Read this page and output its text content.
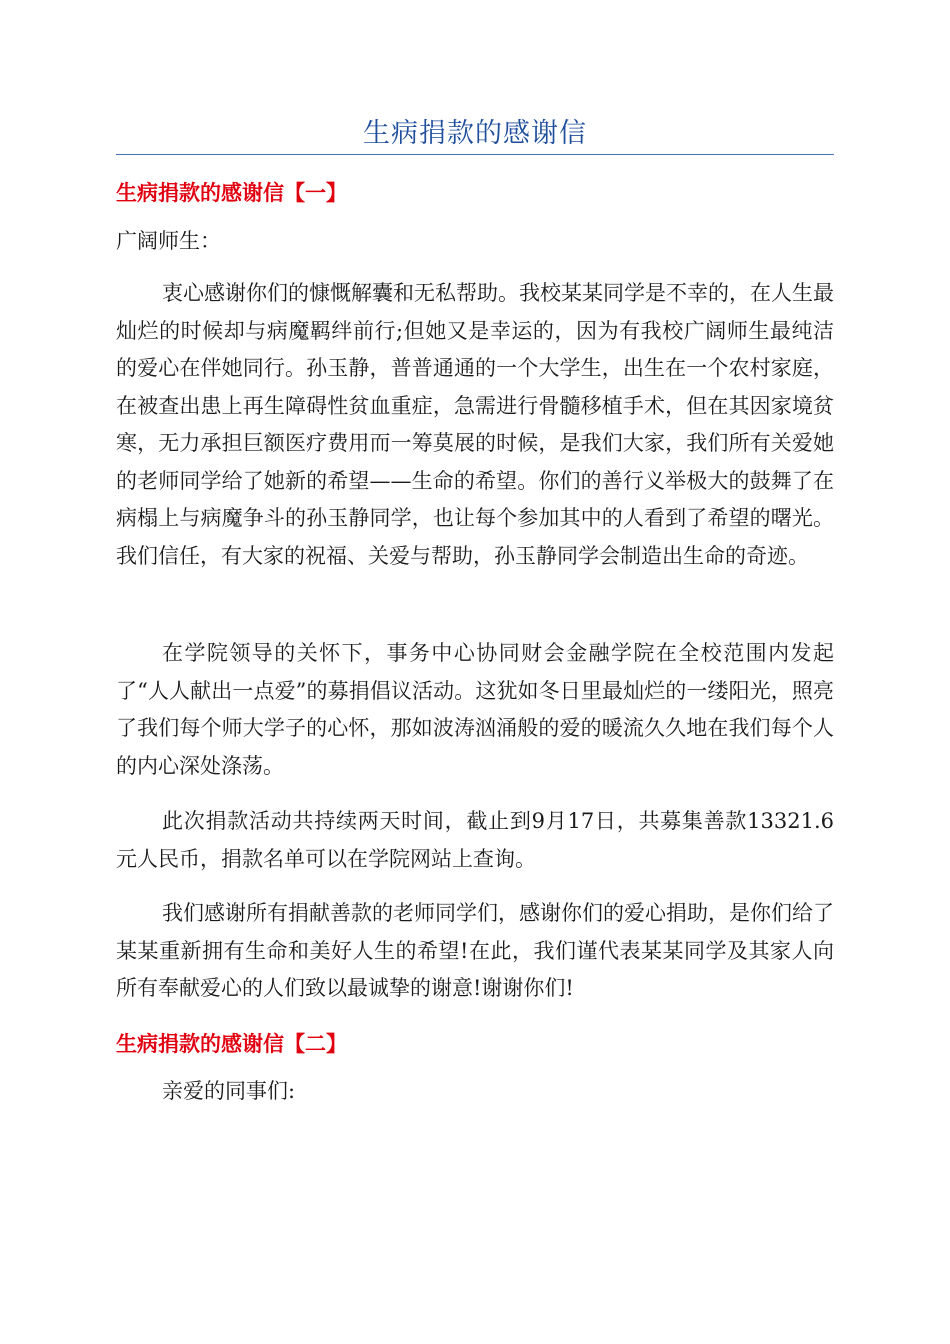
生病捐款的感谢信
生病捐款的感谢信【一】
广阔师生：

衷心感谢你们的慷慨解囊和无私帮助。我校某某同学是不幸的，在人生最灿烂的时候却与病魔羁绊前行;但她又是幸运的，因为有我校广阔师生最纯洁的爱心在伴她同行。孙玉静，普普通通的一个大学生，出生在一个农村家庭，在被查出患上再生障碍性贫血重症，急需进行骨髓移植手术，但在其因家境贫寒，无力承担巨额医疗费用而一筹莫展的时候，是我们大家，我们所有关爱她的老师同学给了她新的希望——生命的希望。你们的善行义举极大的鼓舞了在病榻上与病魔争斗的孙玉静同学，也让每个参加其中的人看到了希望的曙光。我们信任，有大家的祝福、关爱与帮助，孙玉静同学会制造出生命的奇迹。

在学院领导的关怀下，事务中心协同财会金融学院在全校范围内发起了“人人献出一点爱”的募捐倡议活动。这犹如冬日里最灿烂的一缕阳光，照亮了我们每个师大学子的心怀，那如波涛汹涌般的爱的暖流久久地在我们每个人的内心深处涤荡。

此次捐款活动共持续两天时间，截止到9月17日，共募集善款13321.6元人民币，捐款名单可以在学院网站上查询。

我们感谢所有捐献善款的老师同学们，感谢你们的爱心捐助，是你们给了某某重新拥有生命和美好人生的希望!在此，我们谨代表某某同学及其家人向所有奉献爱心的人们致以最诚挚的谢意!谢谢你们!

生病捐款的感谢信【二】
亲爱的同事们:
